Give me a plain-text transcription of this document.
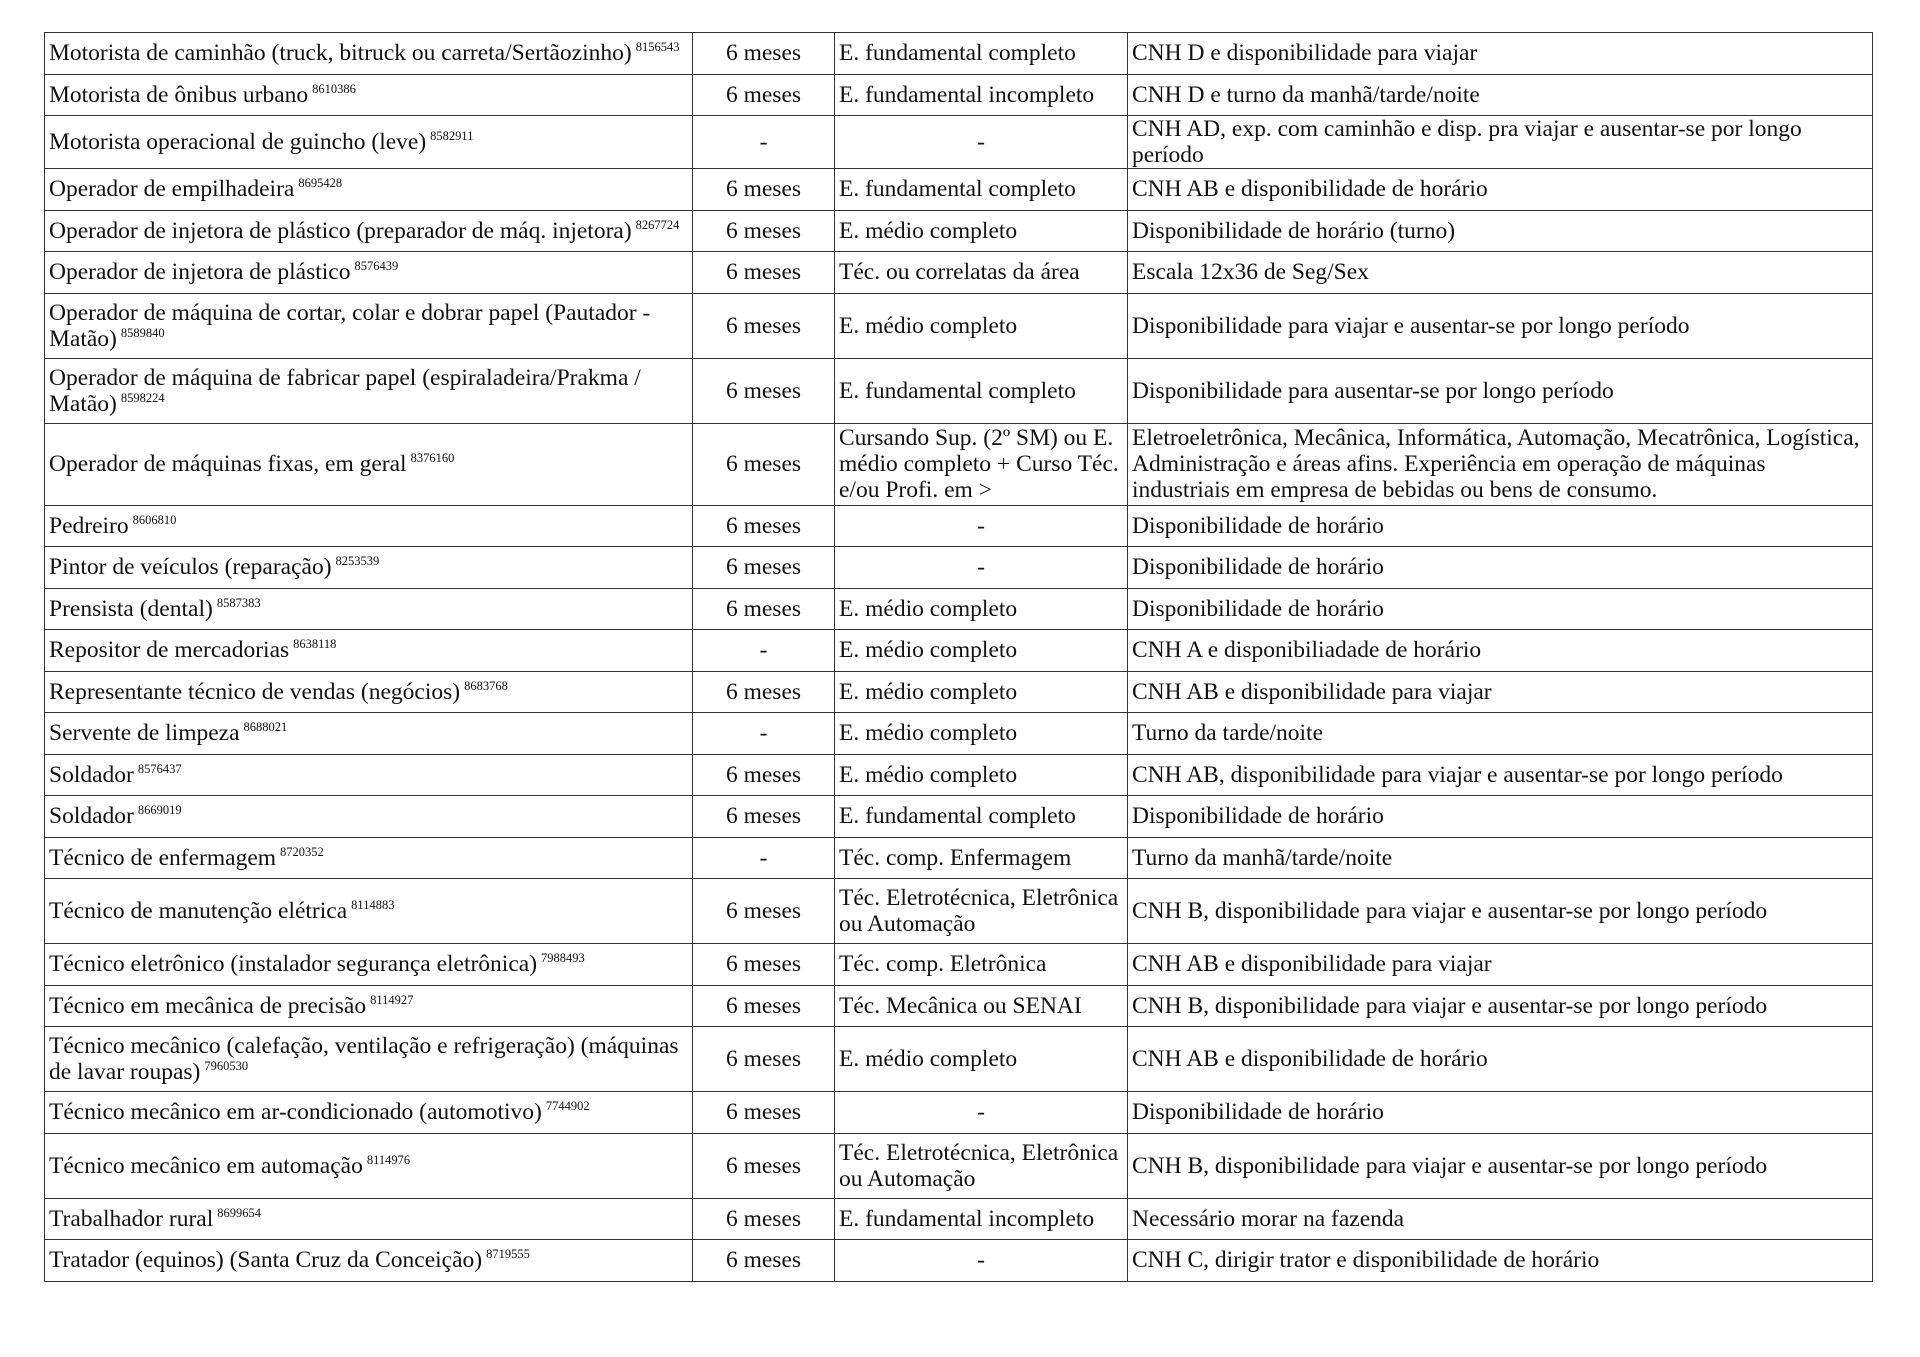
Motorista de caminhão (truck, bitruck ou carreta/Sertãozinho) $^{8156543}$	6 meses	E. fundamental completo	CNH D e disponibilidade para viajar
Motorista de ônibus urbano $^{8610386}$	6 meses	E. fundamental incompleto	CNH D e turno da manhã/tarde/noite
Motorista operacional de guincho (leve) $^{8582911}$	-	-	CNH AD, exp. com caminhão e disp. pra viajar e ausentar-se por longo período
Operador de empilhadeira $^{8695428}$	6 meses	E. fundamental completo	CNH AB e disponibilidade de horário
Operador de injetora de plástico (preparador de máq. injetora) $^{8267724}$	6 meses	E. médio completo	Disponibilidade de horário (turno)
Operador de injetora de plástico $^{8576439}$	6 meses	Téc. ou correlatas da área	Escala 12x36 de Seg/Sex
Operador de máquina de cortar, colar e dobrar papel (Pautador - Matão) $^{8589840}$	6 meses	E. médio completo	Disponibilidade para viajar e ausentar-se por longo período
Operador de máquina de fabricar papel (espiraladeira/Prakma / Matão) $^{8598224}$	6 meses	E. fundamental completo	Disponibilidade para ausentar-se por longo período
Operador de máquinas fixas, em geral $^{8376160}$	6 meses	Cursando Sup. (2º SM) ou E. médio completo + Curso Téc. e/ou Profi. em >	Eletroeletrônica, Mecânica, Informática, Automação, Mecatrônica, Logística, Administração e áreas afins. Experiência em operação de máquinas industriais em empresa de bebidas ou bens de consumo.
Pedreiro $^{8606810}$	6 meses	-	Disponibilidade de horário
Pintor de veículos (reparação) $^{8253539}$	6 meses	-	Disponibilidade de horário
Prensista (dental) $^{8587383}$	6 meses	E. médio completo	Disponibilidade de horário
Repositor de mercadorias $^{8638118}$	-	E. médio completo	CNH A e disponibiliadade de horário
Representante técnico de vendas (negócios) $^{8683768}$	6 meses	E. médio completo	CNH AB e disponibilidade para viajar
Servente de limpeza $^{8688021}$	-	E. médio completo	Turno da tarde/noite
Soldador $^{8576437}$	6 meses	E. médio completo	CNH AB, disponibilidade para viajar e ausentar-se por longo período
Soldador $^{8669019}$	6 meses	E. fundamental completo	Disponibilidade de horário
Técnico de enfermagem $^{8720352}$	-	Téc. comp. Enfermagem	Turno da manhã/tarde/noite
Técnico de manutenção elétrica $^{8114883}$	6 meses	Téc. Eletrotécnica, Eletrônica ou Automação	CNH B, disponibilidade para viajar e ausentar-se por longo período
Técnico eletrônico (instalador segurança eletrônica) $^{7988493}$	6 meses	Téc. comp. Eletrônica	CNH AB e disponibilidade para viajar
Técnico em mecânica de precisão $^{8114927}$	6 meses	Téc. Mecânica ou SENAI	CNH B, disponibilidade para viajar e ausentar-se por longo período
Técnico mecânico (calefação, ventilação e refrigeração) (máquinas de lavar roupas) $^{7960530}$	6 meses	E. médio completo	CNH AB e disponibilidade de horário
Técnico mecânico em ar-condicionado (automotivo) $^{7744902}$	6 meses	-	Disponibilidade de horário
Técnico mecânico em automação $^{8114976}$	6 meses	Téc. Eletrotécnica, Eletrônica ou Automação	CNH B, disponibilidade para viajar e ausentar-se por longo período
Trabalhador rural $^{8699654}$	6 meses	E. fundamental incompleto	Necessário morar na fazenda
Tratador (equinos) (Santa Cruz da Conceição) $^{8719555}$	6 meses	-	CNH C, dirigir trator e disponibilidade de horário
